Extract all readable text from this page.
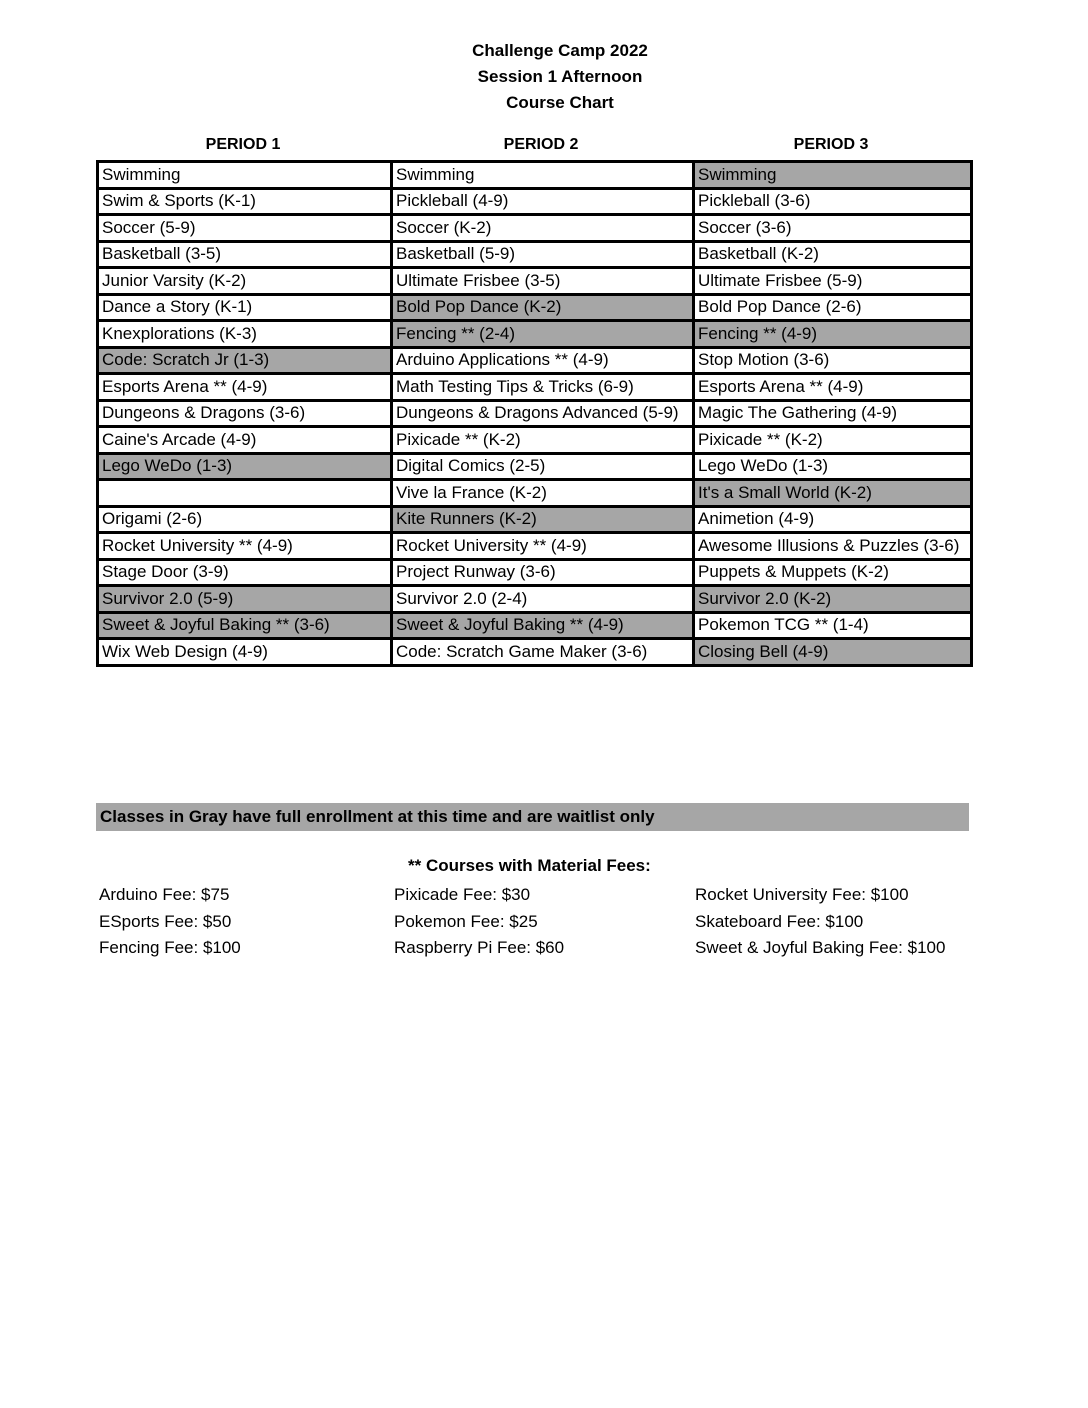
Challenge Camp 2022
Session 1 Afternoon
Course Chart
PERIOD 1	PERIOD 2	PERIOD 3
Swimming	Swimming	Swimming
Swim & Sports (K-1)	Pickleball (4-9)	Pickleball (3-6)
Soccer (5-9)	Soccer (K-2)	Soccer (3-6)
Basketball (3-5)	Basketball (5-9)	Basketball (K-2)
Junior Varsity (K-2)	Ultimate Frisbee (3-5)	Ultimate Frisbee (5-9)
Dance a Story (K-1)	Bold Pop Dance (K-2)	Bold Pop Dance (2-6)
Knexplorations (K-3)	Fencing ** (2-4)	Fencing ** (4-9)
Code: Scratch Jr (1-3)	Arduino Applications ** (4-9)	Stop Motion (3-6)
Esports Arena ** (4-9)	Math Testing Tips & Tricks (6-9)	Esports Arena ** (4-9)
Dungeons & Dragons (3-6)	Dungeons & Dragons Advanced (5-9)	Magic The Gathering (4-9)
Caine's Arcade (4-9)	Pixicade ** (K-2)	Pixicade ** (K-2)
Lego WeDo (1-3)	Digital Comics (2-5)	Lego WeDo (1-3)
	Vive la France (K-2)	It's a Small World (K-2)
Origami (2-6)	Kite Runners (K-2)	Animetion (4-9)
Rocket University ** (4-9)	Rocket University ** (4-9)	Awesome Illusions & Puzzles (3-6)
Stage Door (3-9)	Project Runway (3-6)	Puppets & Muppets (K-2)
Survivor 2.0 (5-9)	Survivor 2.0 (2-4)	Survivor 2.0 (K-2)
Sweet & Joyful Baking ** (3-6)	Sweet & Joyful Baking ** (4-9)	Pokemon TCG ** (1-4)
Wix Web Design (4-9)	Code: Scratch Game Maker (3-6)	Closing Bell (4-9)
Classes in Gray have full enrollment at this time and are waitlist only
** Courses with Material Fees:
Arduino Fee: $75
ESports Fee: $50
Fencing Fee: $100
Pixicade Fee: $30
Pokemon Fee: $25
Raspberry Pi Fee: $60
Rocket University Fee: $100
Skateboard Fee: $100
Sweet & Joyful Baking Fee: $100
